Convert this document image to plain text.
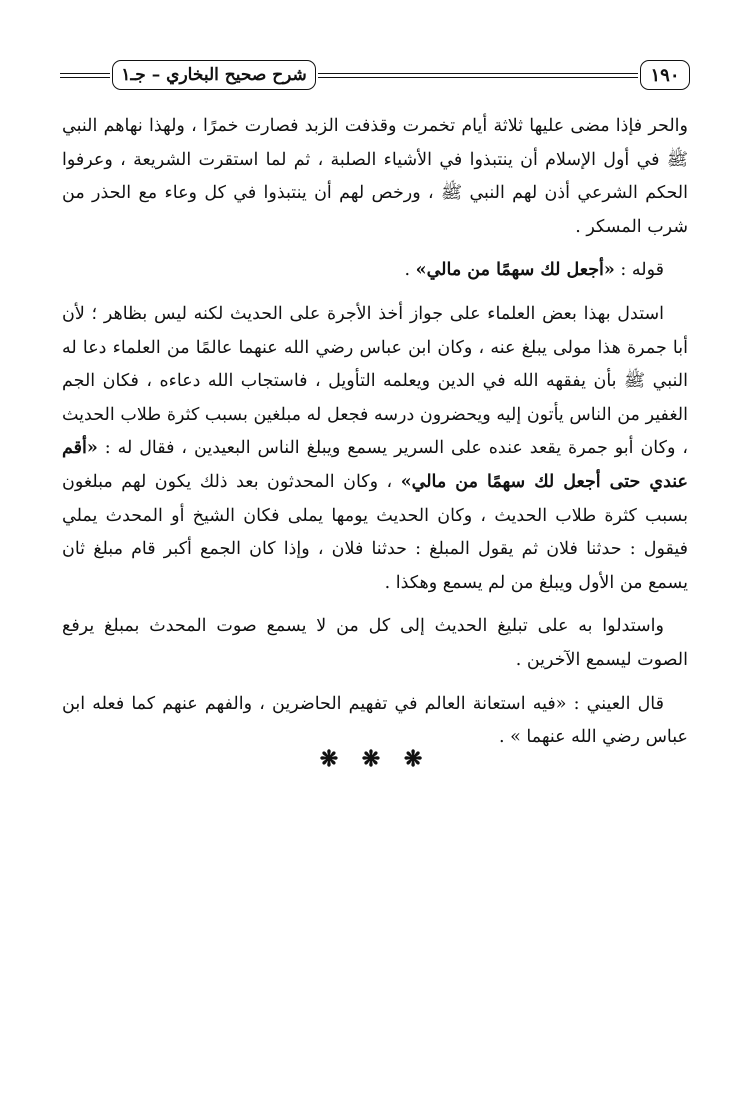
شرح صحيح البخاري – جـ١	١٩٠

والحر فإذا مضى عليها ثلاثة أيام تخمرت وقذفت الزبد فصارت خمرًا ، ولهذا نهاهم النبي ﷺ في أول الإسلام أن ينتبذوا في الأشياء الصلبة ، ثم لما استقرت الشريعة ، وعرفوا الحكم الشرعي أذن لهم النبي ﷺ ، ورخص لهم أن ينتبذوا في كل وعاء مع الحذر من شرب المسكر .

قوله : «أجعل لك سهمًا من مالي» .

استدل بهذا بعض العلماء على جواز أخذ الأجرة على الحديث لكنه ليس بظاهر ؛ لأن أبا جمرة هذا مولى يبلغ عنه ، وكان ابن عباس رضي الله عنهما عالمًا من العلماء دعا له النبي ﷺ بأن يفقهه الله في الدين ويعلمه التأويل ، فاستجاب الله دعاءه ، فكان الجم الغفير من الناس يأتون إليه ويحضرون درسه فجعل له مبلغين بسبب كثرة طلاب الحديث ، وكان أبو جمرة يقعد عنده على السرير يسمع ويبلغ الناس البعيدين ، فقال له : «أقم عندي حتى أجعل لك سهمًا من مالي» ، وكان المحدثون بعد ذلك يكون لهم مبلغون بسبب كثرة طلاب الحديث ، وكان الحديث يومها يملى فكان الشيخ أو المحدث يملي فيقول : حدثنا فلان ثم يقول المبلغ : حدثنا فلان ، وإذا كان الجمع أكبر قام مبلغ ثان يسمع من الأول ويبلغ من لم يسمع وهكذا .

واستدلوا به على تبليغ الحديث إلى كل من لا يسمع صوت المحدث بمبلغ يرفع الصوت ليسمع الآخرين .

قال العيني : «فيه استعانة العالم في تفهيم الحاضرين ، والفهم عنهم كما فعله ابن عباس رضي الله عنهما » .

❋ ❋ ❋
